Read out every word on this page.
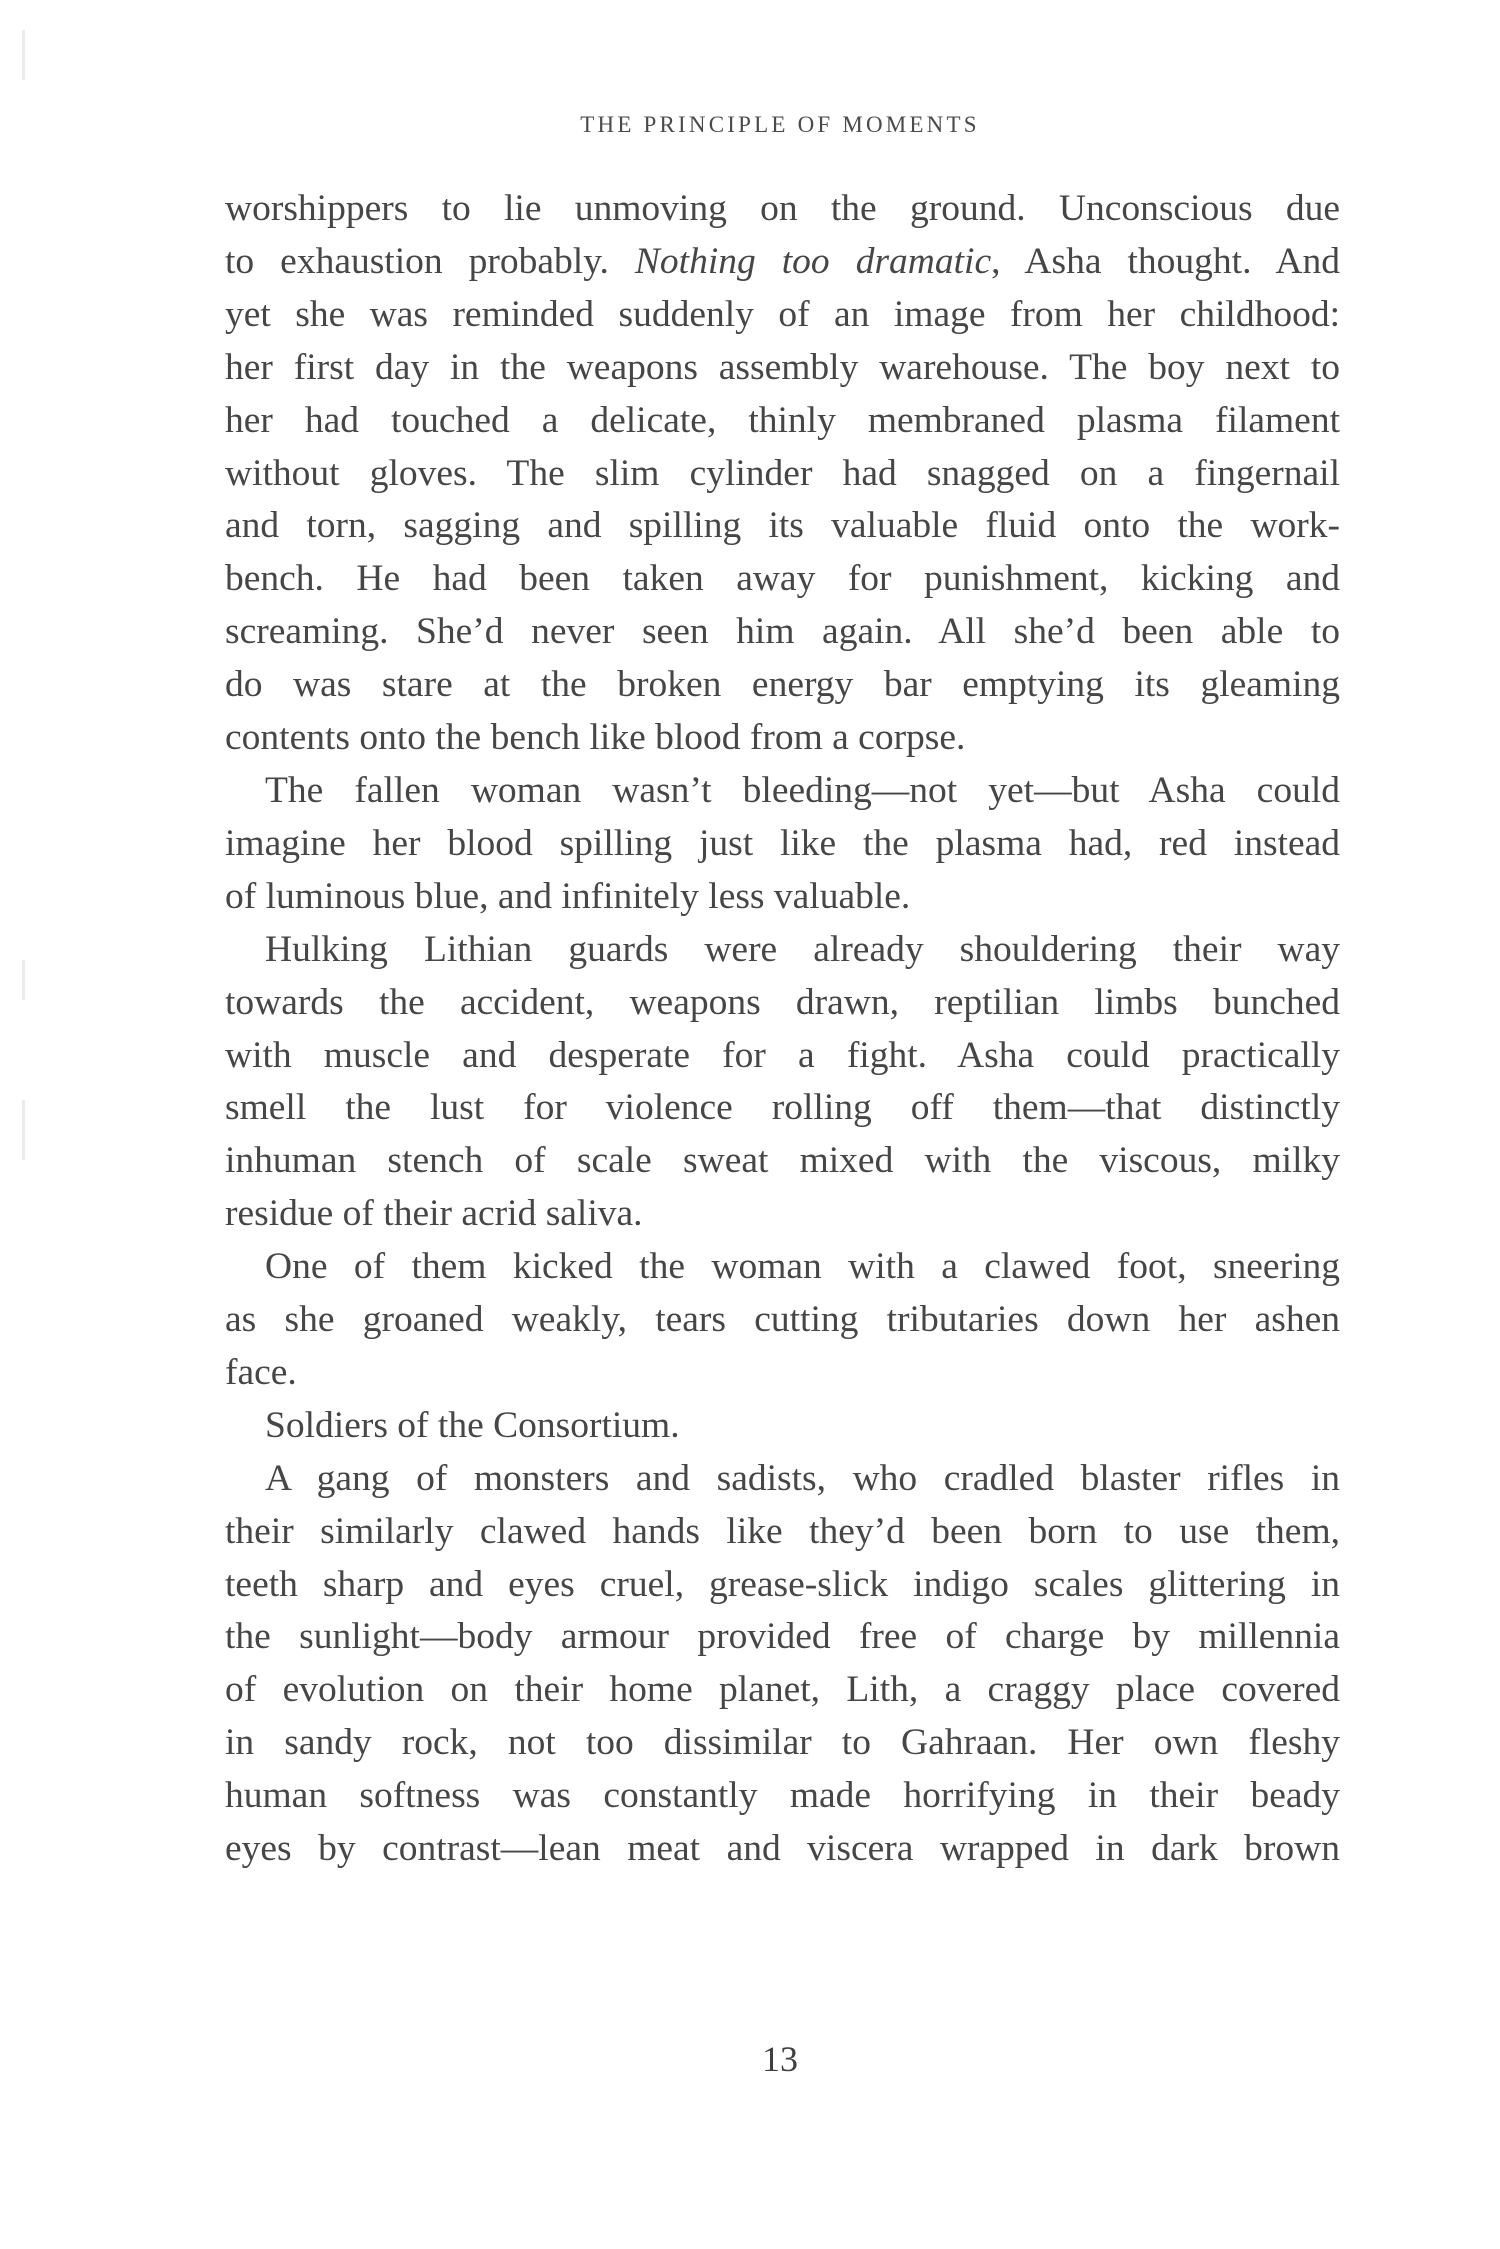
THE PRINCIPLE OF MOMENTS

worshippers to lie unmoving on the ground. Unconscious due
to exhaustion probably. Nothing too dramatic, Asha thought. And
yet she was reminded suddenly of an image from her childhood:
her first day in the weapons assembly warehouse. The boy next to
her had touched a delicate, thinly membraned plasma filament
without gloves. The slim cylinder had snagged on a fingernail
and torn, sagging and spilling its valuable fluid onto the work-
bench. He had been taken away for punishment, kicking and
screaming. She’d never seen him again. All she’d been able to
do was stare at the broken energy bar emptying its gleaming
contents onto the bench like blood from a corpse.

The fallen woman wasn’t bleeding—not yet—but Asha could
imagine her blood spilling just like the plasma had, red instead
of luminous blue, and infinitely less valuable.

Hulking Lithian guards were already shouldering their way
towards the accident, weapons drawn, reptilian limbs bunched
with muscle and desperate for a fight. Asha could practically
smell the lust for violence rolling off them—that distinctly
inhuman stench of scale sweat mixed with the viscous, milky
residue of their acrid saliva.

One of them kicked the woman with a clawed foot, sneering
as she groaned weakly, tears cutting tributaries down her ashen
face.

Soldiers of the Consortium.

A gang of monsters and sadists, who cradled blaster rifles in
their similarly clawed hands like they’d been born to use them,
teeth sharp and eyes cruel, grease-slick indigo scales glittering in
the sunlight—body armour provided free of charge by millennia
of evolution on their home planet, Lith, a craggy place covered
in sandy rock, not too dissimilar to Gahraan. Her own fleshy
human softness was constantly made horrifying in their beady
eyes by contrast—lean meat and viscera wrapped in dark brown

13
